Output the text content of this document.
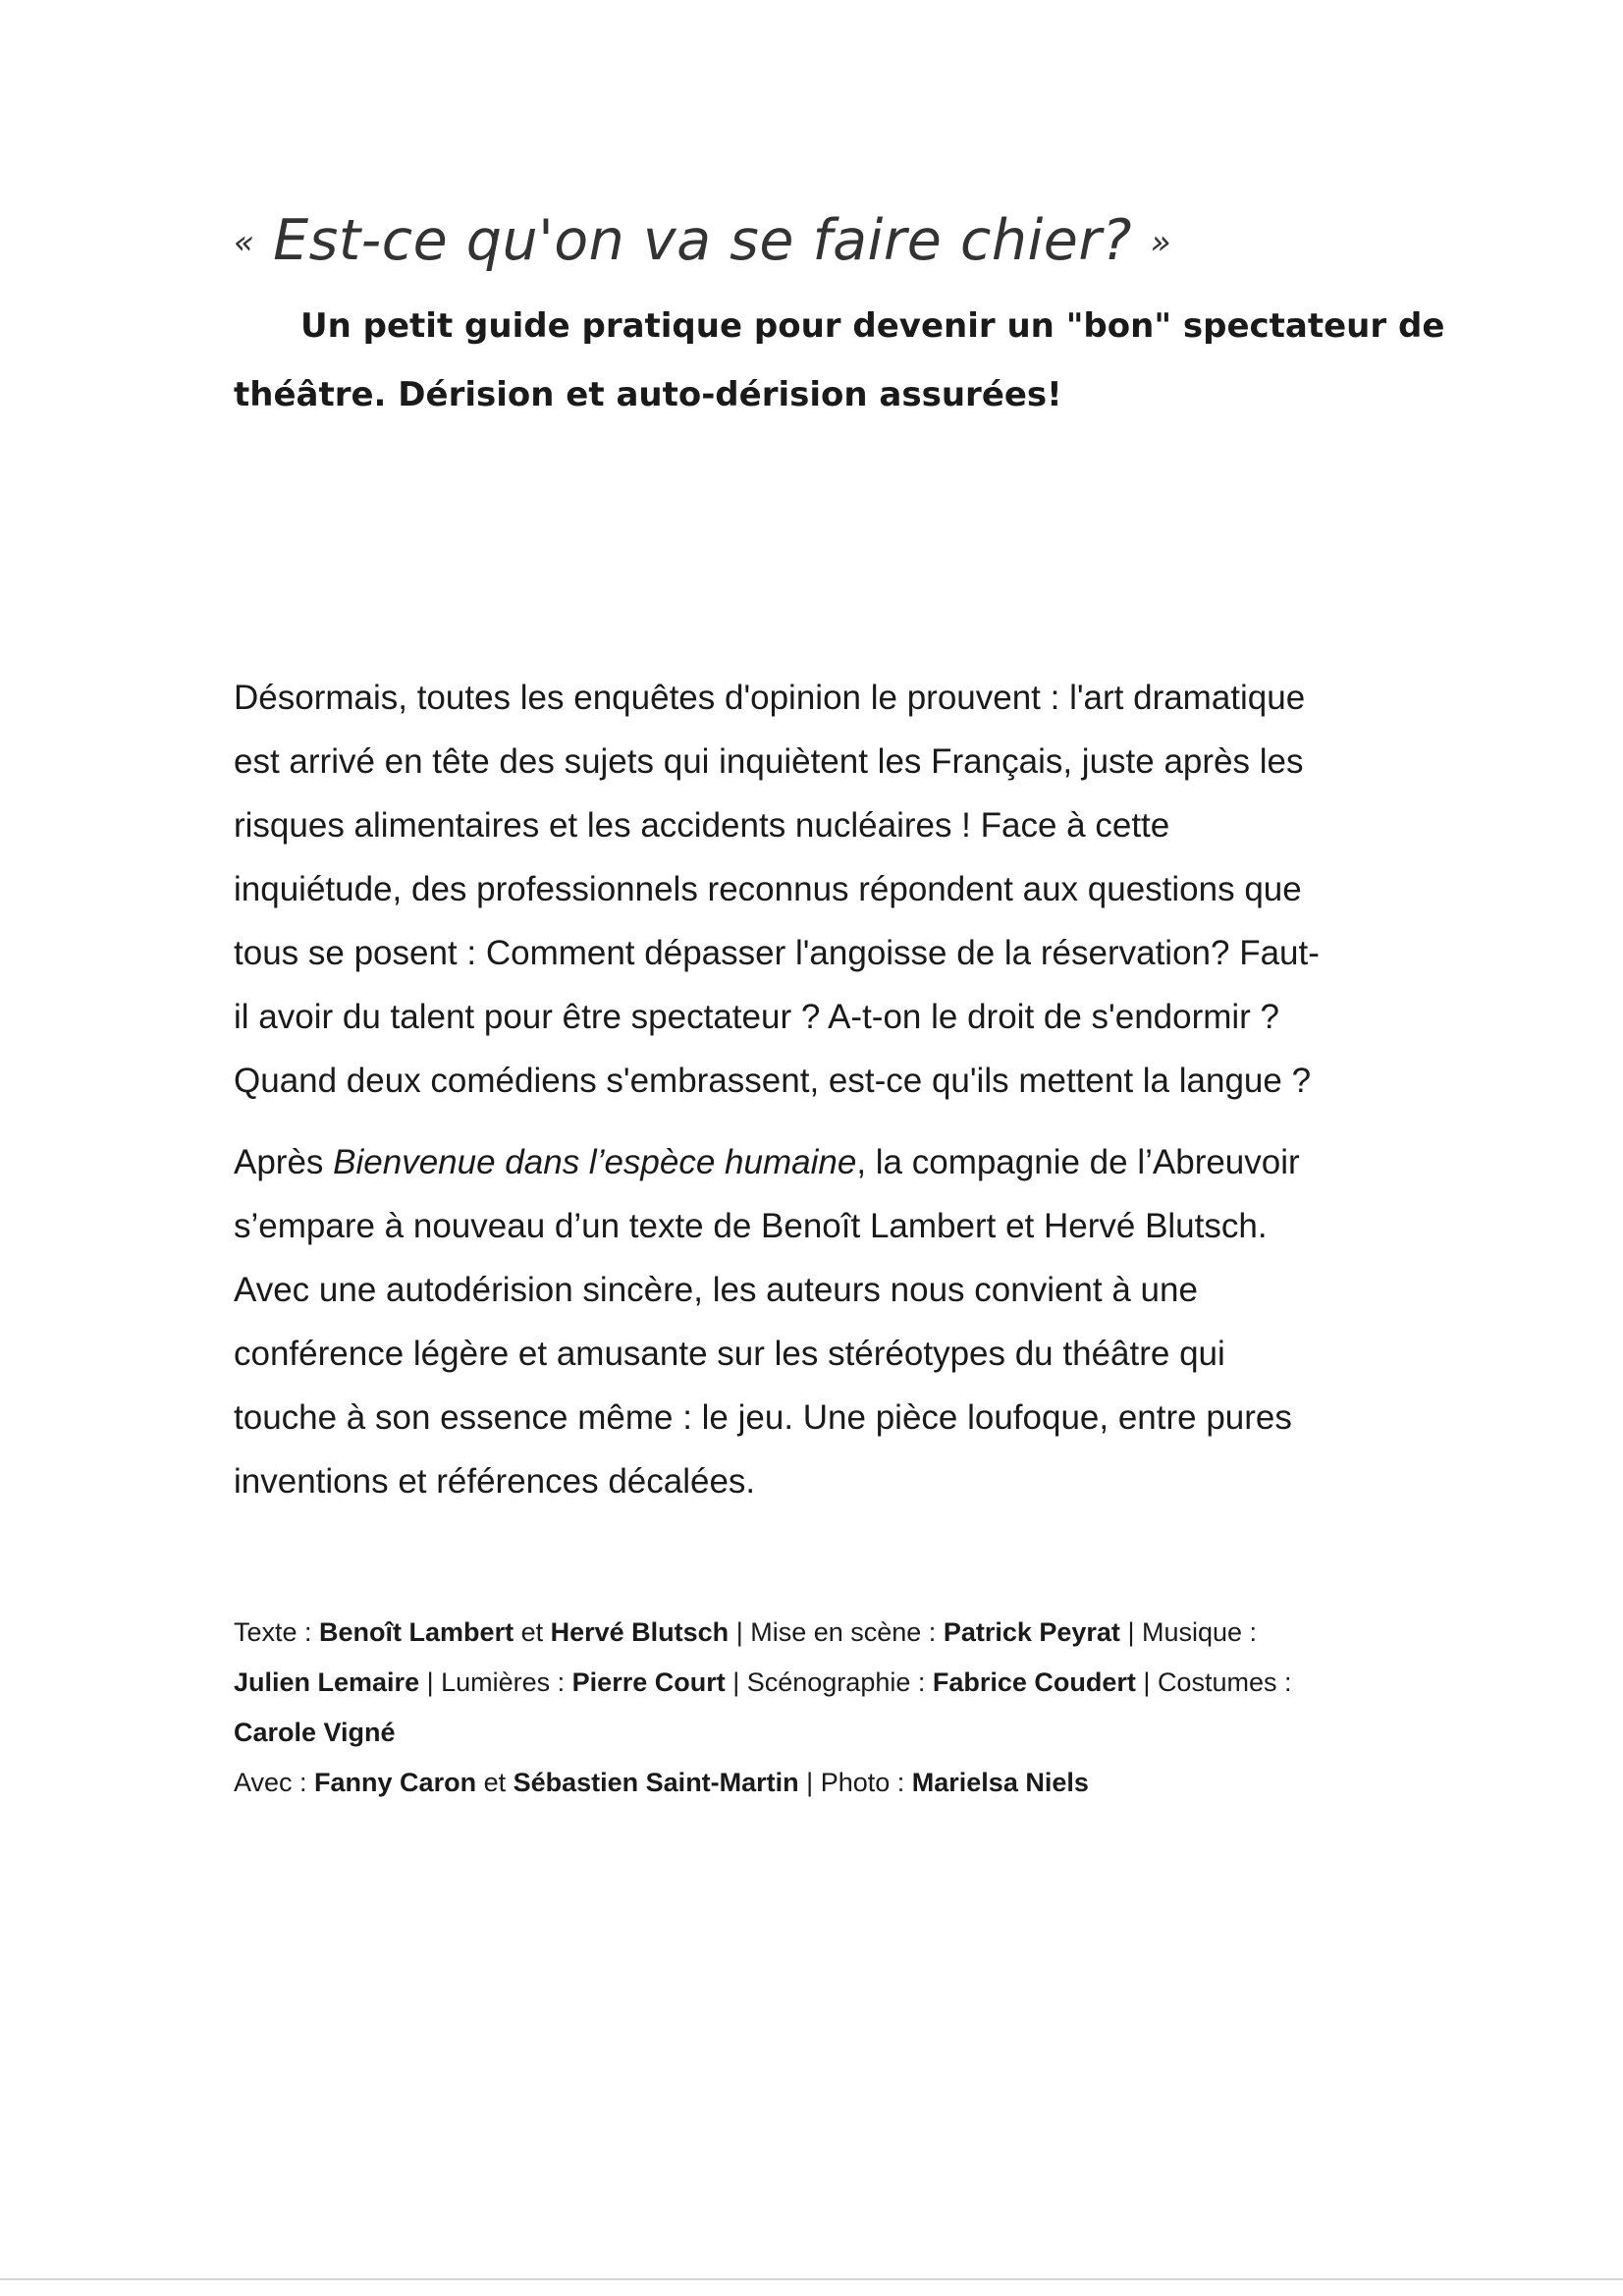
« Est-ce qu'on va se faire chier? »
Un petit guide pratique pour devenir un "bon" spectateur de
théâtre. Dérision et auto-dérision assurées!
Désormais, toutes les enquêtes d'opinion le prouvent : l'art dramatique
est arrivé en tête des sujets qui inquiètent les Français, juste après les
risques alimentaires et les accidents nucléaires ! Face à cette
inquiétude, des professionnels reconnus répondent aux questions que
tous se posent : Comment dépasser l'angoisse de la réservation? Faut-
il avoir du talent pour être spectateur ? A-t-on le droit de s'endormir ?
Quand deux comédiens s'embrassent, est-ce qu'ils mettent la langue ?
Après Bienvenue dans l’espèce humaine, la compagnie de l’Abreuvoir
s’empare à nouveau d’un texte de Benoît Lambert et Hervé Blutsch.
Avec une autodérision sincère, les auteurs nous convient à une
conférence légère et amusante sur les stéréotypes du théâtre qui
touche à son essence même : le jeu. Une pièce loufoque, entre pures
inventions et références décalées.
Texte : Benoît Lambert et Hervé Blutsch | Mise en scène : Patrick Peyrat | Musique :
Julien Lemaire | Lumières : Pierre Court | Scénographie : Fabrice Coudert | Costumes :
Carole Vigné
Avec : Fanny Caron et Sébastien Saint-Martin | Photo : Marielsa Niels
